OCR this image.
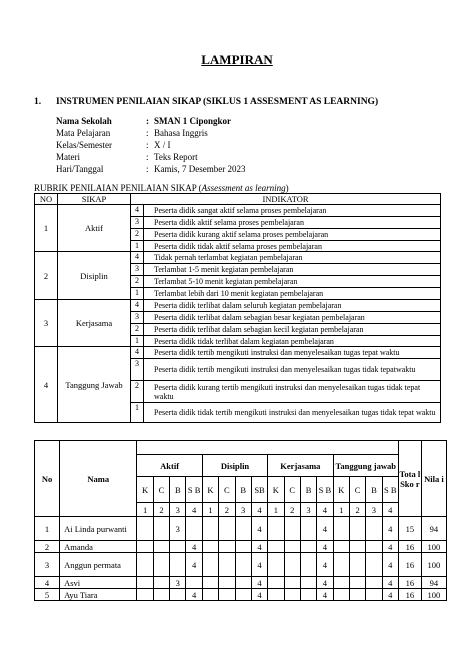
LAMPIRAN
1. INSTRUMEN PENILAIAN SIKAP (SIKLUS 1 ASSESMENT AS LEARNING)
Nama Sekolah	: SMAN 1 Cipongkor
Mata Pelajaran	: Bahasa Inggris
Kelas/Semester	: X / I
Materi	: Teks Report
Hari/Tanggal	: Kamis, 7 Desember 2023
RUBRIK PENILAIAN PENILAIAN SIKAP (Assessment as learning)
NO	SIKAP	INDIKATOR	
1	Aktif	4	Peserta didik sangat aktif selama proses pembelajaran
		3	Peserta didik aktif selama proses pembelajaran
		2	Peserta didik kurang aktif selama proses pembelajaran
		1	Peserta didik tidak aktif selama proses pembelajaran
2	Disiplin	4	Tidak pernah terlambat kegiatan pembelajaran
		3	Terlambat 1-5 menit kegiatan pembelajaran
		2	Terlambat 5-10 menit kegiatan pembelajaran
		1	Terlambat lebih dari 10 menit kegiatan pembelajaran
3	Kerjasama	4	Peserta didik terlibat dalam seluruh kegiatan pembelajaran
		3	Peserta didik terlibat dalam sebagian besar kegiatan pembelajaran
		2	Peserta didik terlibat dalam sebagian kecil kegiatan pembelajaran
		1	Peserta didik tidak terlibat dalam kegiatan pembelajaran
4	Tanggung Jawab	4	Peserta didik tertib mengikuti instruksi dan menyelesaikan tugas tepat waktu
		3	Peserta didik tertib mengikuti instruksi dan menyelesaikan tugas tidak tepatwaktu
		2	Peserta didik kurang tertib mengikuti instruksi dan menyelesaikan tugas tidak tepat waktu
		1	Peserta didik tidak tertib mengikuti instruksi dan menyelesaikan tugas tidak tepat waktu
No	Nama																	Tota l Sko r	Nila i
		Aktif				Disiplin				Kerjasama				Tanggung jawab					
		K	C	B	S B	K	C	B	SB	K	C	B	S B	K	C	B	S B		
		1	2	3	4	1	2	3	4	1	2	3	4	1	2	3	4		
1	Ai Linda purwanti			3					4				4				4	15	94
2	Amanda				4				4				4				4	16	100
3	Anggun permata				4				4				4				4	16	100
4	Asvi			3					4				4				4	16	94
5	Ayu Tiara				4				4				4				4	16	100
